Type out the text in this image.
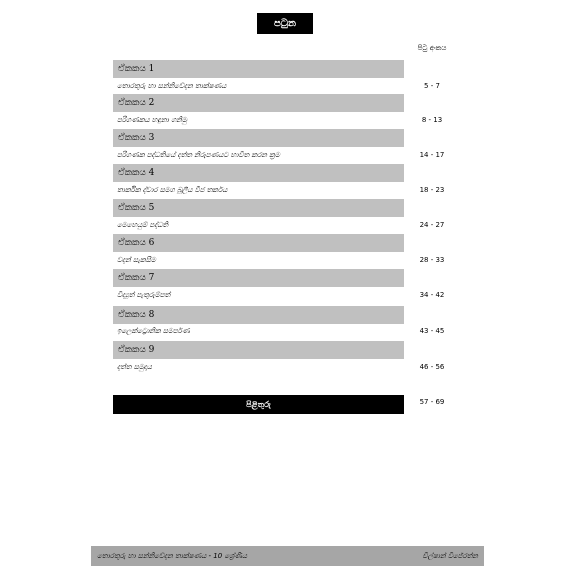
පටුන
පිටු අංකය
ඒකකය 1
තොරතුරු හා සන්නිවේදන තාක්ෂණය	5 - 7
ඒකකය 2
පරිගණකය හඳුනා ගනිමු	8 - 13
ඒකකය 3
පරිගණක පද්ධතියේ දත්ත නිරූපණයට භාවිත කරන ක්‍රම	14 - 17
ඒකකය 4
තාර්කික ද්වාර සමග බූලීය වීජ තර්කය	18 - 23
ඒකකය 5
මෙහෙයුම් පද්ධති	24 - 27
ඒකකය 6
වදන් සැකසීම	28 - 33
ඒකකය 7
විද්‍යුත් පැතුරුම්පත්	34 - 42
ඒකකය 8
ඉලෙක්ට්‍රොනික සමර්පණ	43 - 45
ඒකකය 9
දත්ත සමුදාය	46 - 56
පිළිතුරු	57 - 69
තොරතුරු හා සන්නිවේදන තාක්ෂණය - 10 ශ්‍රේණිය	චිල්ෂාන් විජේරත්න
